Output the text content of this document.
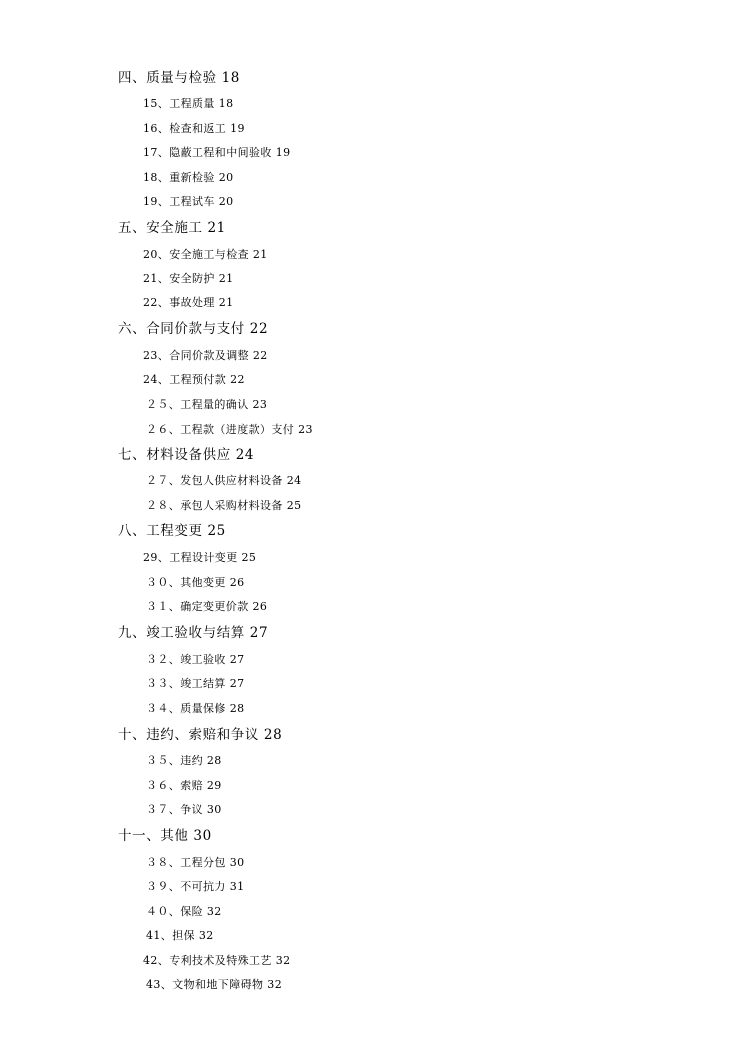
四、质量与检验 18
15、工程质量 18
16、检查和返工 19
17、隐蔽工程和中间验收 19
18、重新检验 20
19、工程试车 20
五、安全施工 21
20、安全施工与检查 21
21、安全防护 21
22、事故处理 21
六、合同价款与支付 22
23、合同价款及调整 22
24、工程预付款 22
２５、工程量的确认 23
２６、工程款（进度款）支付 23
七、材料设备供应 24
２７、发包人供应材料设备 24
２８、承包人采购材料设备 25
八、工程变更 25
29、工程设计变更 25
３０、其他变更 26
３１、确定变更价款 26
九、竣工验收与结算 27
３２、竣工验收 27
３３、竣工结算 27
３４、质量保修 28
十、违约、索赔和争议 28
３５、违约 28
３６、索赔 29
３７、争议 30
十一、其他 30
３８、工程分包 30
３９、不可抗力 31
４０、保险 32
41、担保 32
42、专利技术及特殊工艺 32
43、文物和地下障碍物 32
